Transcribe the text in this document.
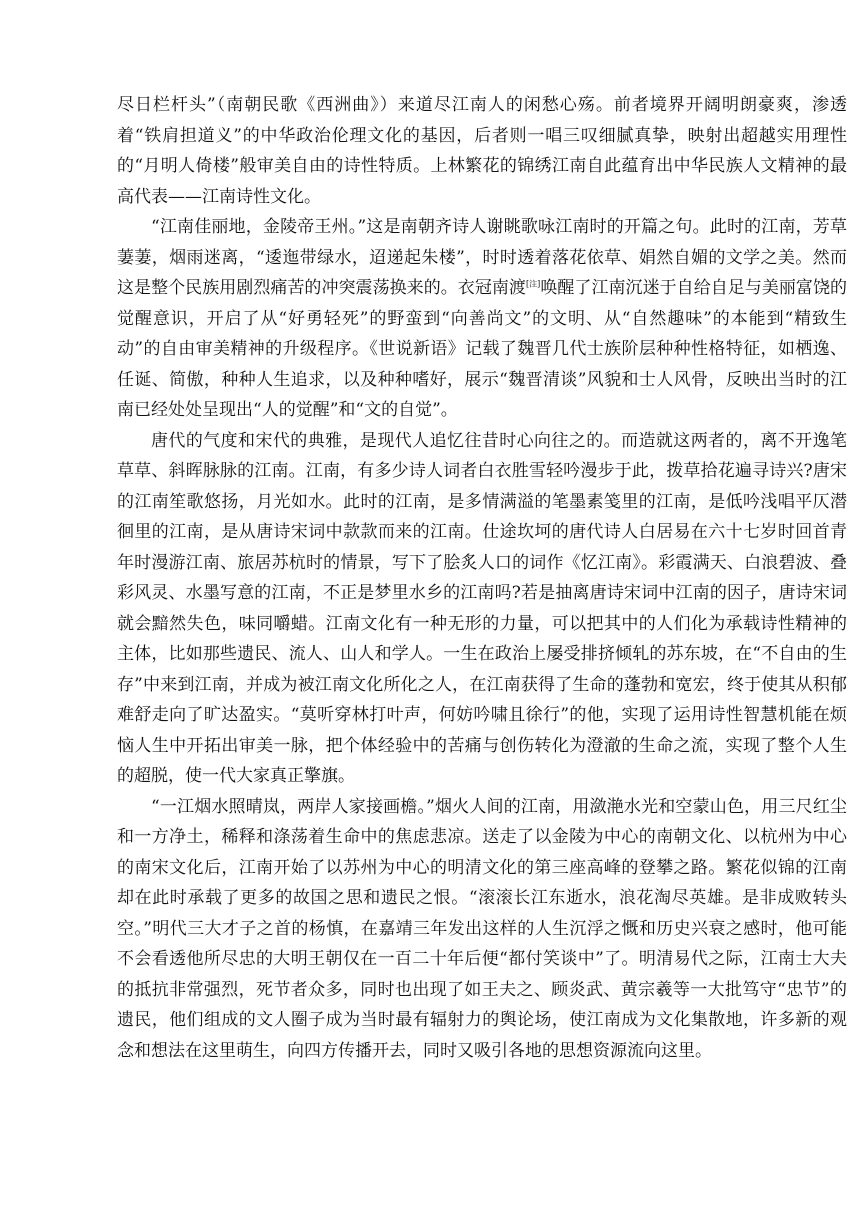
尽日栏杆头”（南朝民歌《西洲曲》）来道尽江南人的闲愁心殇。前者境界开阔明朗豪爽，渗透着“铁肩担道义”的中华政治伦理文化的基因，后者则一唱三叹细腻真挚，映射出超越实用理性的“月明人倚楼”般审美自由的诗性特质。上林繁花的锦绣江南自此蕴育出中华民族人文精神的最高代表——江南诗性文化。

“江南佳丽地，金陵帝王州。”这是南朝齐诗人谢眺歌咏江南时的开篇之句。此时的江南，芳草萋萋，烟雨迷离，“逶迤带绿水，迢递起朱楼”，时时透着落花依草、娟然自媚的文学之美。然而这是整个民族用剧烈痛苦的冲突震荡换来的。衣冠南渡[注]唤醒了江南沉迷于自给自足与美丽富饶的觉醒意识，开启了从“好勇轻死”的野蛮到“向善尚文”的文明、从“自然趣味”的本能到“精致生动”的自由审美精神的升级程序。《世说新语》记载了魏晋几代士族阶层种种性格特征，如栖逸、任诞、简傲，种种人生追求，以及种种嗜好，展示“魏晋清谈”风貌和士人风骨，反映出当时的江南已经处处呈现出“人的觉醒”和“文的自觉”。

唐代的气度和宋代的典雅，是现代人追忆往昔时心向往之的。而造就这两者的，离不开逸笔草草、斜晖脉脉的江南。江南，有多少诗人词者白衣胜雪轻吟漫步于此，拨草拾花遍寻诗兴?唐宋的江南笙歌悠扬，月光如水。此时的江南，是多情满溢的笔墨素笺里的江南，是低吟浅唱平仄潜徊里的江南，是从唐诗宋词中款款而来的江南。仕途坎坷的唐代诗人白居易在六十七岁时回首青年时漫游江南、旅居苏杭时的情景，写下了脍炙人口的词作《忆江南》。彩霞满天、白浪碧波、叠彩风灵、水墨写意的江南，不正是梦里水乡的江南吗?若是抽离唐诗宋词中江南的因子，唐诗宋词就会黯然失色，味同嚼蜡。江南文化有一种无形的力量，可以把其中的人们化为承载诗性精神的主体，比如那些遗民、流人、山人和学人。一生在政治上屡受排挤倾轧的苏东坡，在“不自由的生存”中来到江南，并成为被江南文化所化之人，在江南获得了生命的蓬勃和宽宏，终于使其从积郁难舒走向了旷达盈实。“莫听穿林打叶声，何妨吟啸且徐行”的他，实现了运用诗性智慧机能在烦恼人生中开拓出审美一脉，把个体经验中的苦痛与创伤转化为澄澈的生命之流，实现了整个人生的超脱，使一代大家真正擎旗。

“一江烟水照晴岚，两岸人家接画檐。”烟火人间的江南，用潋滟水光和空蒙山色，用三尺红尘和一方净土，稀释和涤荡着生命中的焦虑悲凉。送走了以金陵为中心的南朝文化、以杭州为中心的南宋文化后，江南开始了以苏州为中心的明清文化的第三座高峰的登攀之路。繁花似锦的江南却在此时承载了更多的故国之思和遗民之恨。“滚滚长江东逝水，浪花淘尽英雄。是非成败转头空。”明代三大才子之首的杨慎，在嘉靖三年发出这样的人生沉浮之慨和历史兴衰之感时，他可能不会看透他所尽忠的大明王朝仅在一百二十年后便“都付笑谈中”了。明清易代之际，江南士大夫的抵抗非常强烈，死节者众多，同时也出现了如王夫之、顾炎武、黄宗羲等一大批笃守“忠节”的遗民，他们组成的文人圈子成为当时最有辐射力的舆论场，使江南成为文化集散地，许多新的观念和想法在这里萌生，向四方传播开去，同时又吸引各地的思想资源流向这里。
